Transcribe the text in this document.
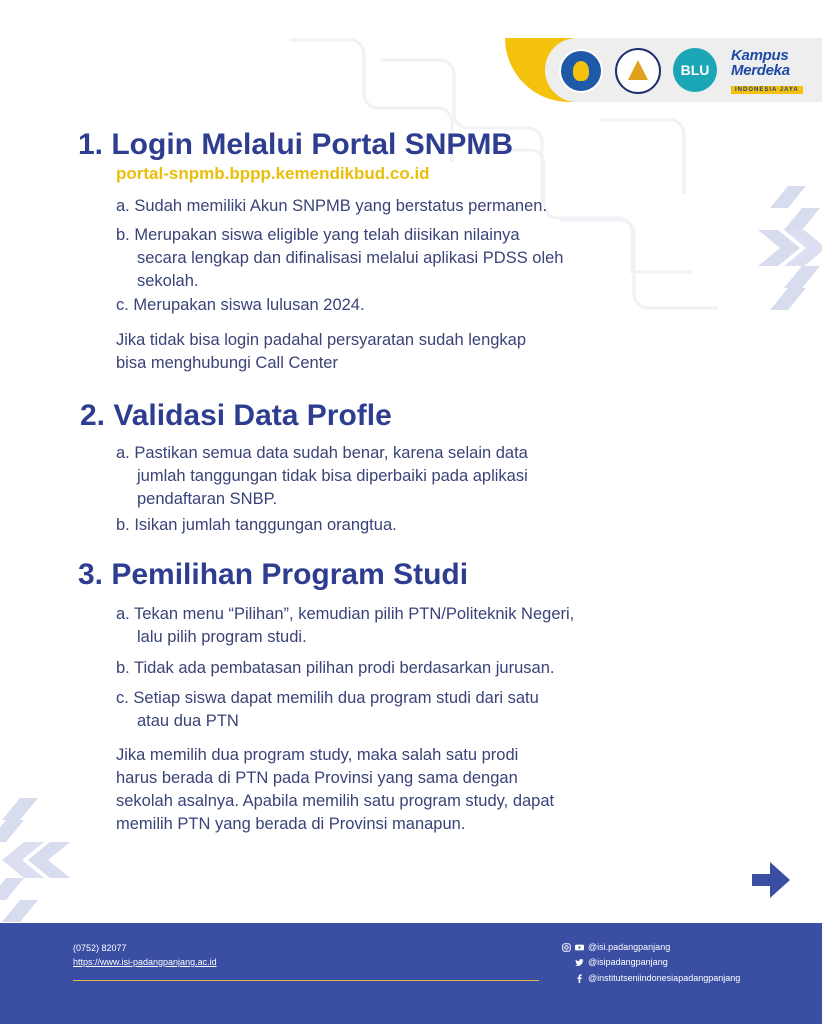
BLU
Kampus
Merdeka
INDONESIA JAYA
1. Login Melalui Portal SNPMB
portal-snpmb.bppp.kemendikbud.co.id

a. Sudah memiliki Akun SNPMB yang berstatus permanen.

b. Merupakan siswa eligible yang telah diisikan nilainya

secara lengkap dan difinalisasi melalui aplikasi PDSS oleh

sekolah.

c. Merupakan siswa lulusan 2024.

Jika tidak bisa login padahal persyaratan sudah lengkap

bisa menghubungi Call Center

2. Validasi Data Profle

a. Pastikan semua data sudah benar, karena selain data

jumlah tanggungan tidak bisa diperbaiki pada aplikasi

pendaftaran SNBP.

b. Isikan jumlah tanggungan orangtua.

3. Pemilihan Program Studi

a. Tekan menu “Pilihan”, kemudian pilih PTN/Politeknik Negeri,

lalu pilih program studi.

b. Tidak ada pembatasan pilihan prodi berdasarkan jurusan.

c. Setiap siswa dapat memilih dua program studi dari satu

atau dua PTN

Jika memilih dua program study, maka salah satu prodi

harus berada di PTN pada Provinsi yang sama dengan

sekolah asalnya. Apabila memilih satu program study, dapat

memilih PTN yang berada di Provinsi manapun.

(0752) 82077
https://www.isi-padangpanjang.ac.id
@isi.padangpanjang
@isipadangpanjang
@institutseniindonesiapadangpanjang
